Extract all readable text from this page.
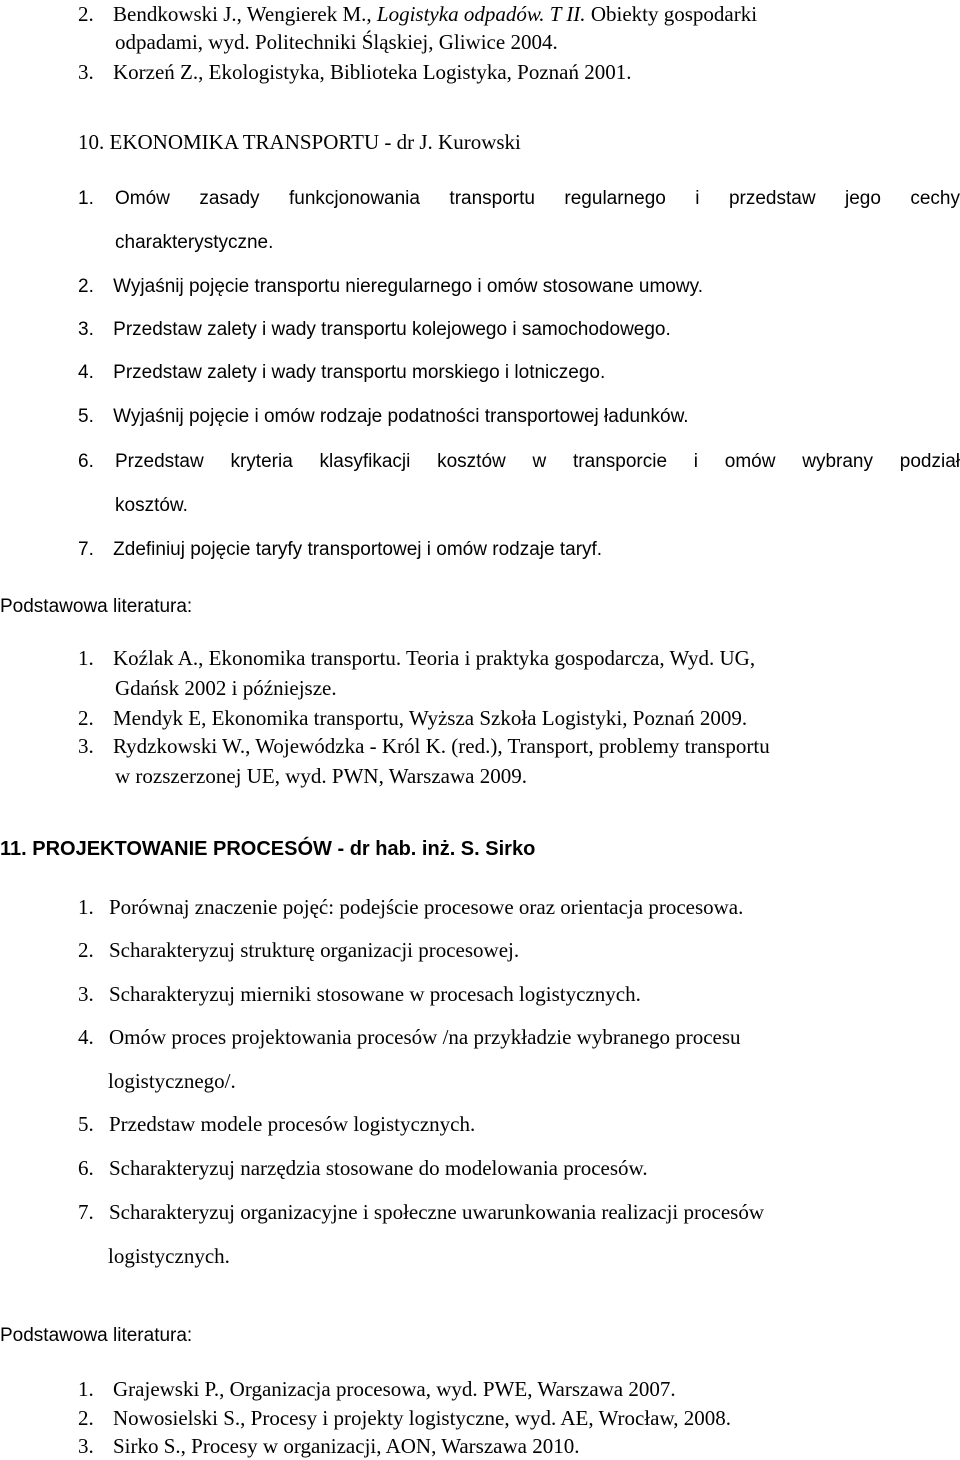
2. Bendkowski J., Wengierek M., Logistyka odpadów. T II. Obiekty gospodarki
odpadami, wyd. Politechniki Śląskiej, Gliwice 2004.
3. Korzeń Z., Ekologistyka, Biblioteka Logistyka, Poznań 2001.
10. EKONOMIKA TRANSPORTU - dr J. Kurowski
1. Omów zasady funkcjonowania transportu regularnego i przedstaw jego cechy
charakterystyczne.
2. Wyjaśnij pojęcie transportu nieregularnego i omów stosowane umowy.
3. Przedstaw zalety i wady transportu kolejowego i samochodowego.
4. Przedstaw zalety i wady transportu morskiego i lotniczego.
5. Wyjaśnij pojęcie i omów rodzaje podatności transportowej ładunków.
6. Przedstaw kryteria klasyfikacji kosztów w transporcie i omów wybrany podział
kosztów.
7. Zdefiniuj pojęcie taryfy transportowej i omów rodzaje taryf.
Podstawowa literatura:
1. Koźlak A., Ekonomika transportu. Teoria i praktyka gospodarcza, Wyd. UG,
Gdańsk 2002 i późniejsze.
2. Mendyk E, Ekonomika transportu, Wyższa Szkoła Logistyki, Poznań 2009.
3. Rydzkowski W., Wojewódzka - Król K. (red.), Transport, problemy transportu
w rozszerzonej UE, wyd. PWN, Warszawa 2009.
11. PROJEKTOWANIE PROCESÓW - dr hab. inż. S. Sirko
1. Porównaj znaczenie pojęć: podejście procesowe oraz orientacja procesowa.
2. Scharakteryzuj strukturę organizacji procesowej.
3. Scharakteryzuj mierniki stosowane w procesach logistycznych.
4. Omów proces projektowania procesów /na przykładzie wybranego procesu
logistycznego/.
5. Przedstaw modele procesów logistycznych.
6. Scharakteryzuj narzędzia stosowane do modelowania procesów.
7. Scharakteryzuj organizacyjne i społeczne uwarunkowania realizacji procesów
logistycznych.
Podstawowa literatura:
1. Grajewski P., Organizacja procesowa, wyd. PWE, Warszawa 2007.
2. Nowosielski S., Procesy i projekty logistyczne, wyd. AE, Wrocław, 2008.
3. Sirko S., Procesy w organizacji, AON, Warszawa 2010.
